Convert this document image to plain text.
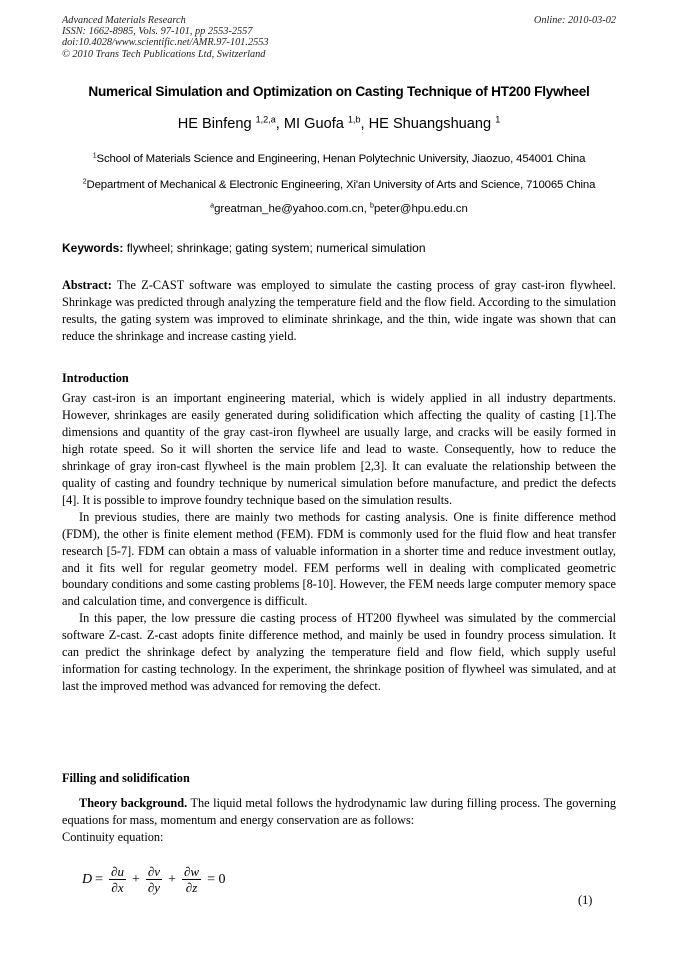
Advanced Materials Research
ISSN: 1662-8985, Vols. 97-101, pp 2553-2557
doi:10.4028/www.scientific.net/AMR.97-101.2553
© 2010 Trans Tech Publications Ltd, Switzerland
Online: 2010-03-02
Numerical Simulation and Optimization on Casting Technique of HT200 Flywheel
HE Binfeng $^{1,2,a}$, MI Guofa $^{1,b}$, HE Shuangshuang $^1$
$^1$School of Materials Science and Engineering, Henan Polytechnic University, Jiaozuo, 454001 China
$^2$Department of Mechanical & Electronic Engineering, Xi'an University of Arts and Science, 710065 China
$^a$greatman_he@yahoo.com.cn, $^b$peter@hpu.edu.cn
Keywords: flywheel; shrinkage; gating system; numerical simulation

Abstract: The Z-CAST software was employed to simulate the casting process of gray cast-iron flywheel. Shrinkage was predicted through analyzing the temperature field and the flow field. According to the simulation results, the gating system was improved to eliminate shrinkage, and the thin, wide ingate was shown that can reduce the shrinkage and increase casting yield.

Introduction

Gray cast-iron is an important engineering material, which is widely applied in all industry departments. However, shrinkages are easily generated during solidification which affecting the quality of casting [1].The dimensions and quantity of the gray cast-iron flywheel are usually large, and cracks will be easily formed in high rotate speed. So it will shorten the service life and lead to waste. Consequently, how to reduce the shrinkage of gray iron-cast flywheel is the main problem [2,3]. It can evaluate the relationship between the quality of casting and foundry technique by numerical simulation before manufacture, and predict the defects [4]. It is possible to improve foundry technique based on the simulation results.

In previous studies, there are mainly two methods for casting analysis. One is finite difference method (FDM), the other is finite element method (FEM). FDM is commonly used for the fluid flow and heat transfer research [5-7]. FDM can obtain a mass of valuable information in a shorter time and reduce investment outlay, and it fits well for regular geometry model. FEM performs well in dealing with complicated geometric boundary conditions and some casting problems [8-10]. However, the FEM needs large computer memory space and calculation time, and convergence is difficult.

In this paper, the low pressure die casting process of HT200 flywheel was simulated by the commercial software Z-cast. Z-cast adopts finite difference method, and mainly be used in foundry process simulation. It can predict the shrinkage defect by analyzing the temperature field and flow field, which supply useful information for casting technology. In the experiment, the shrinkage position of flywheel was simulated, and at last the improved method was advanced for removing the defect.

Filling and solidification

Theory background. The liquid metal follows the hydrodynamic law during filling process. The governing equations for mass, momentum and energy conservation are as follows:

Continuity equation:

$D = \frac{\partial u}{\partial x} + \frac{\partial v}{\partial y} + \frac{\partial w}{\partial z} = 0$
(1)
